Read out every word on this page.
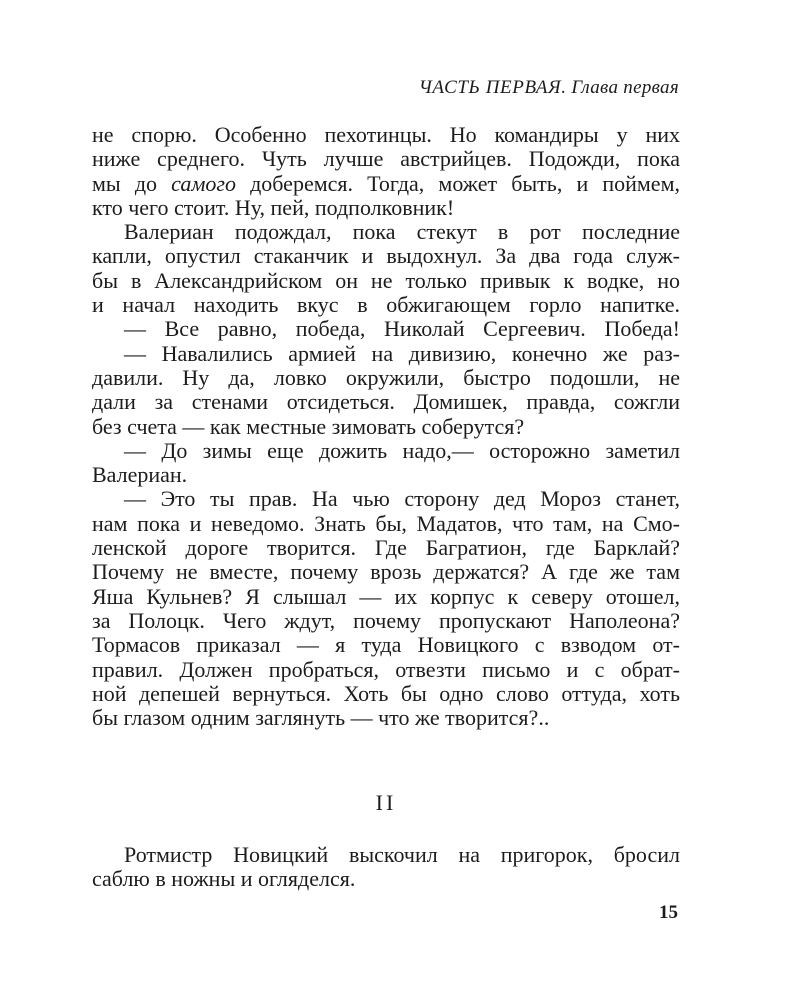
ЧАСТЬ ПЕРВАЯ. Глава первая
не спорю. Особенно пехотинцы. Но командиры у них
ниже среднего. Чуть лучше австрийцев. Подожди, пока
мы до самого доберемся. Тогда, может быть, и поймем,
кто чего стоит. Ну, пей, подполковник!
Валериан подождал, пока стекут в рот последние
капли, опустил стаканчик и выдохнул. За два года служ-
бы в Александрийском он не только привык к водке, но
и начал находить вкус в обжигающем горло напитке.
— Все равно, победа, Николай Сергеевич. Победа!
— Навалились армией на дивизию, конечно же раз-
давили. Ну да, ловко окружили, быстро подошли, не
дали за стенами отсидеться. Домишек, правда, сожгли
без счета — как местные зимовать соберутся?
— До зимы еще дожить надо,— осторожно заметил
Валериан.
— Это ты прав. На чью сторону дед Мороз станет,
нам пока и неведомо. Знать бы, Мадатов, что там, на Смо-
ленской дороге творится. Где Багратион, где Барклай?
Почему не вместе, почему врозь держатся? А где же там
Яша Кульнев? Я слышал — их корпус к северу отошел,
за Полоцк. Чего ждут, почему пропускают Наполеона?
Тормасов приказал — я туда Новицкого с взводом от-
правил. Должен пробраться, отвезти письмо и с обрат-
ной депешей вернуться. Хоть бы одно слово оттуда, хоть
бы глазом одним заглянуть — что же творится?..
II
Ротмистр Новицкий выскочил на пригорок, бросил
саблю в ножны и огляделся.
15
